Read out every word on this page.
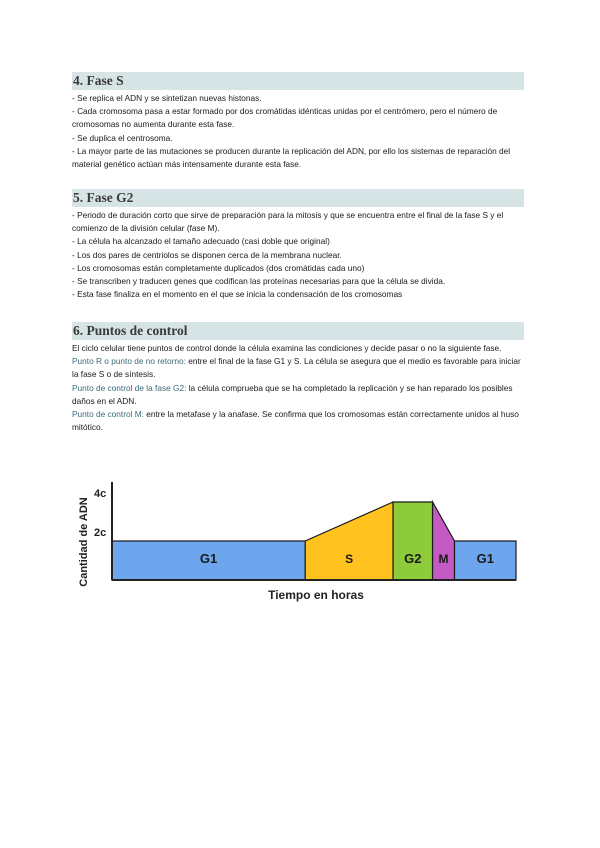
4. Fase S

- Se replica el ADN y se sintetizan nuevas histonas.

- Cada cromosoma pasa a estar formado por dos cromátidas idénticas unidas por el centrómero, pero el número de cromosomas no aumenta durante esta fase.

- Se duplica el centrosoma.

- La mayor parte de las mutaciones se producen durante la replicación del ADN, por ello los sistemas de reparación del material genético actúan más intensamente durante esta fase.

5. Fase G2

- Periodo de duración corto que sirve de preparación para la mitosis y que se encuentra entre el final de la fase S y el comienzo de la división celular (fase M).

- La célula ha alcanzado el tamaño adecuado (casi doble que original)

- Los dos pares de centriolos se disponen cerca de la membrana nuclear.

- Los cromosomas están completamente duplicados (dos cromátidas cada uno)

- Se transcriben y traducen genes que codifican las proteínas necesarias para que la célula se divida.

- Esta fase finaliza en el momento en el que se inicia la condensación de los cromosomas

6. Puntos de control

El ciclo celular tiene puntos de control donde la célula examina las condiciones y decide pasar o no la siguiente fase.

Punto R o punto de no retorno: entre el final de la fase G1 y S. La célula se asegura que el medio es favorable para iniciar la fase S o de síntesis.

Punto de control de la fase G2: la célula comprueba que se ha completado la replicación y se han reparado los posibles daños en el ADN.

Punto de control M: entre la metafase y la anafase. Se confirma que los cromosomas están correctamente unidos al huso mitótico.

Cantidad de ADN
4c
2c
G1	S	G2 M G1
Tiempo en horas
